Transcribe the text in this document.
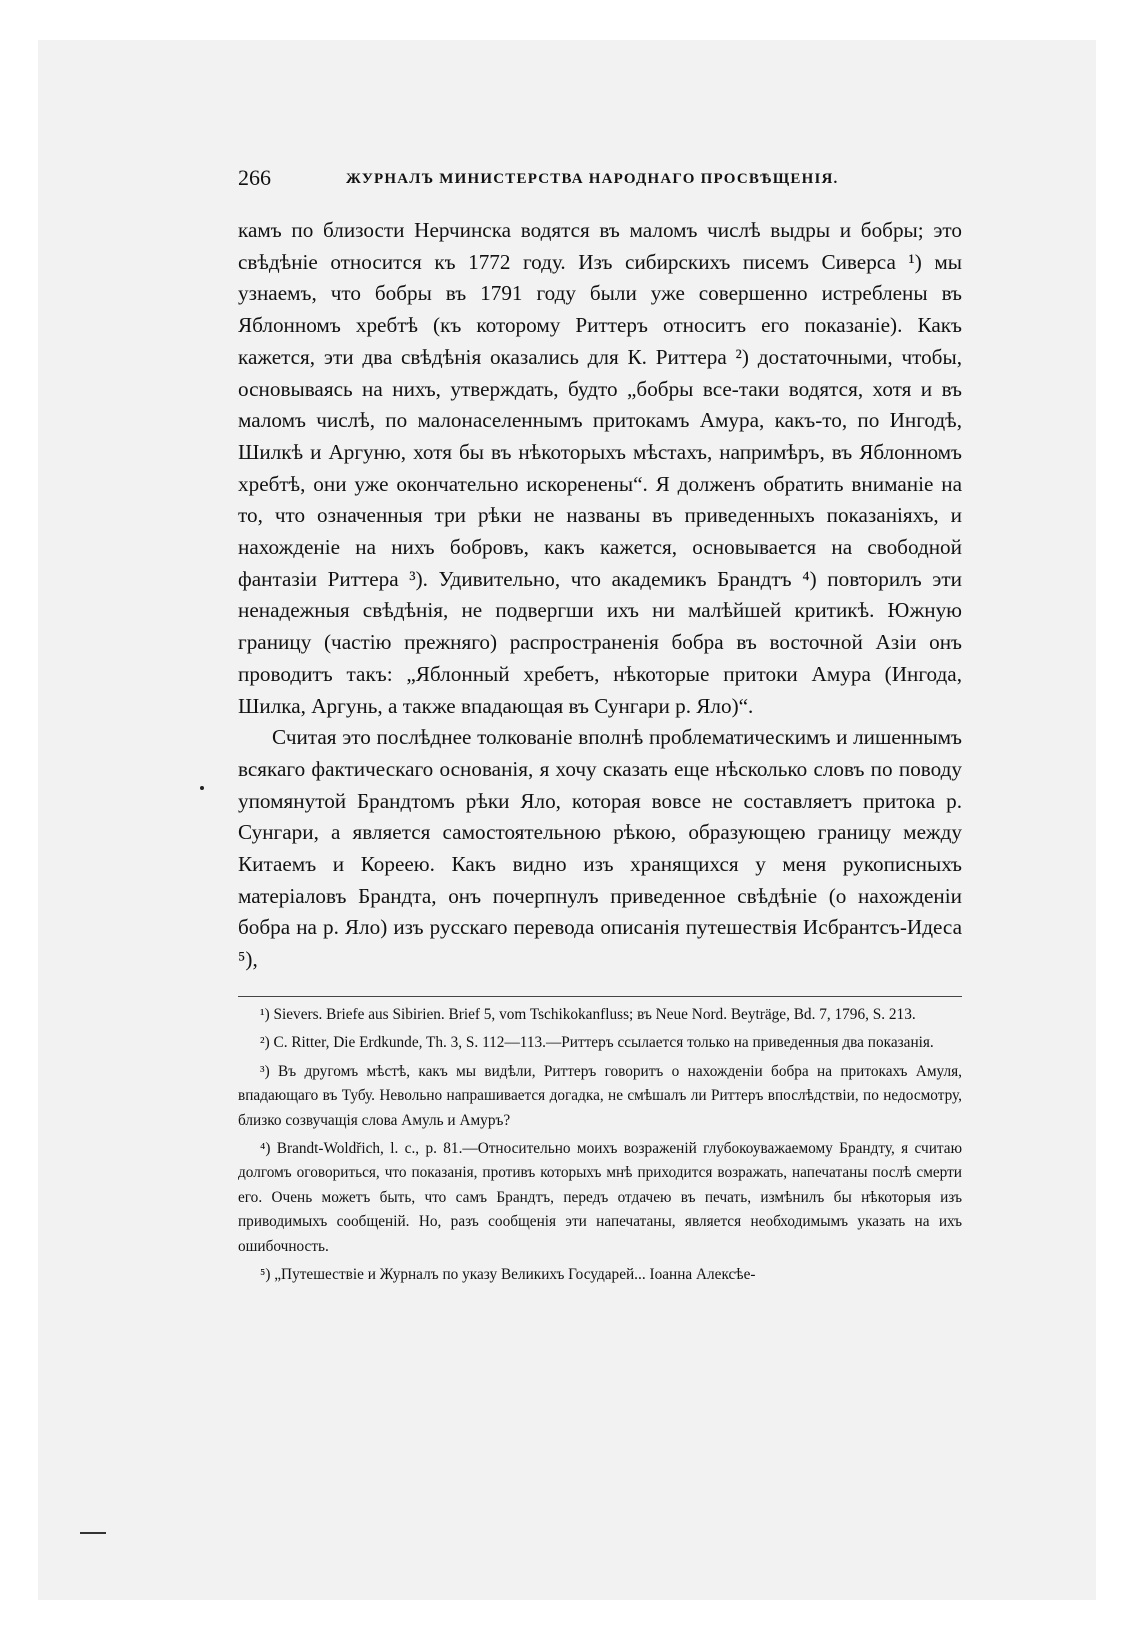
266	ЖУРНАЛЪ МИНИСТЕРСТВА НАРОДНАГО ПРОСВѢЩЕНІЯ.

камъ по близости Нерчинска водятся въ маломъ числѣ выдры и бобры; это свѣдѣніе относится къ 1772 году. Изъ сибирскихъ писемъ Сиверса ¹) мы узнаемъ, что бобры въ 1791 году были уже совершенно истреблены въ Яблонномъ хребтѣ (къ которому Риттеръ относитъ его показаніе). Какъ кажется, эти два свѣдѣнія оказались для К. Риттера ²) достаточными, чтобы, основываясь на нихъ, утверждать, будто „бобры все-таки водятся, хотя и въ маломъ числѣ, по малонаселеннымъ притокамъ Амура, какъ-то, по Ингодѣ, Шилкѣ и Аргуню, хотя бы въ нѣкоторыхъ мѣстахъ, напримѣръ, въ Яблонномъ хребтѣ, они уже окончательно искоренены“. Я долженъ обратить вниманіе на то, что означенныя три рѣки не названы въ приведенныхъ показаніяхъ, и нахожденіе на нихъ бобровъ, какъ кажется, основывается на свободной фантазіи Риттера ³). Удивительно, что академикъ Брандтъ ⁴) повторилъ эти ненадежныя свѣдѣнія, не подвергши ихъ ни малѣйшей критикѣ. Южную границу (частію прежняго) распространенія бобра въ восточной Азіи онъ проводитъ такъ: „Яблонный хребетъ, нѣкоторые притоки Амура (Ингода, Шилка, Аргунь, а также впадающая въ Сунгари р. Яло)“.

Считая это послѣднее толкованіе вполнѣ проблематическимъ и лишеннымъ всякаго фактическаго основанія, я хочу сказать еще нѣсколько словъ по поводу упомянутой Брандтомъ рѣки Яло, которая вовсе не составляетъ притока р. Сунгари, а является самостоятельною рѣкою, образующею границу между Китаемъ и Кореею. Какъ видно изъ хранящихся у меня рукописныхъ матеріаловъ Брандта, онъ почерпнулъ приведенное свѣдѣніе (о нахожденіи бобра на р. Яло) изъ русскаго перевода описанія путешествія Исбрантсъ-Идеса ⁵),

¹) Sievers. Briefe aus Sibirien. Brief 5, vom Tschikokanfluss; въ Neue Nord. Beyträge, Bd. 7, 1796, S. 213.

²) C. Ritter, Die Erdkunde, Th. 3, S. 112—113.—Риттеръ ссылается только на приведенныя два показанія.

³) Въ другомъ мѣстѣ, какъ мы видѣли, Риттеръ говоритъ о нахожденіи бобра на притокахъ Амуля, впадающаго въ Тубу. Невольно напрашивается догадка, не смѣшалъ ли Риттеръ впослѣдствіи, по недосмотру, близко созвучащія слова Амуль и Амуръ?

⁴) Brandt-Woldřich, l. c., p. 81.—Относительно моихъ возраженій глубокоуважаемому Брандту, я считаю долгомъ оговориться, что показанія, противъ которыхъ мнѣ приходится возражать, напечатаны послѣ смерти его. Очень можетъ быть, что самъ Брандтъ, передъ отдачею въ печать, измѣнилъ бы нѣкоторыя изъ приводимыхъ сообщеній. Но, разъ сообщенія эти напечатаны, является необходимымъ указать на ихъ ошибочность.

⁵) „Путешествіе и Журналъ по указу Великихъ Государей... Іоанна Алексѣе-
